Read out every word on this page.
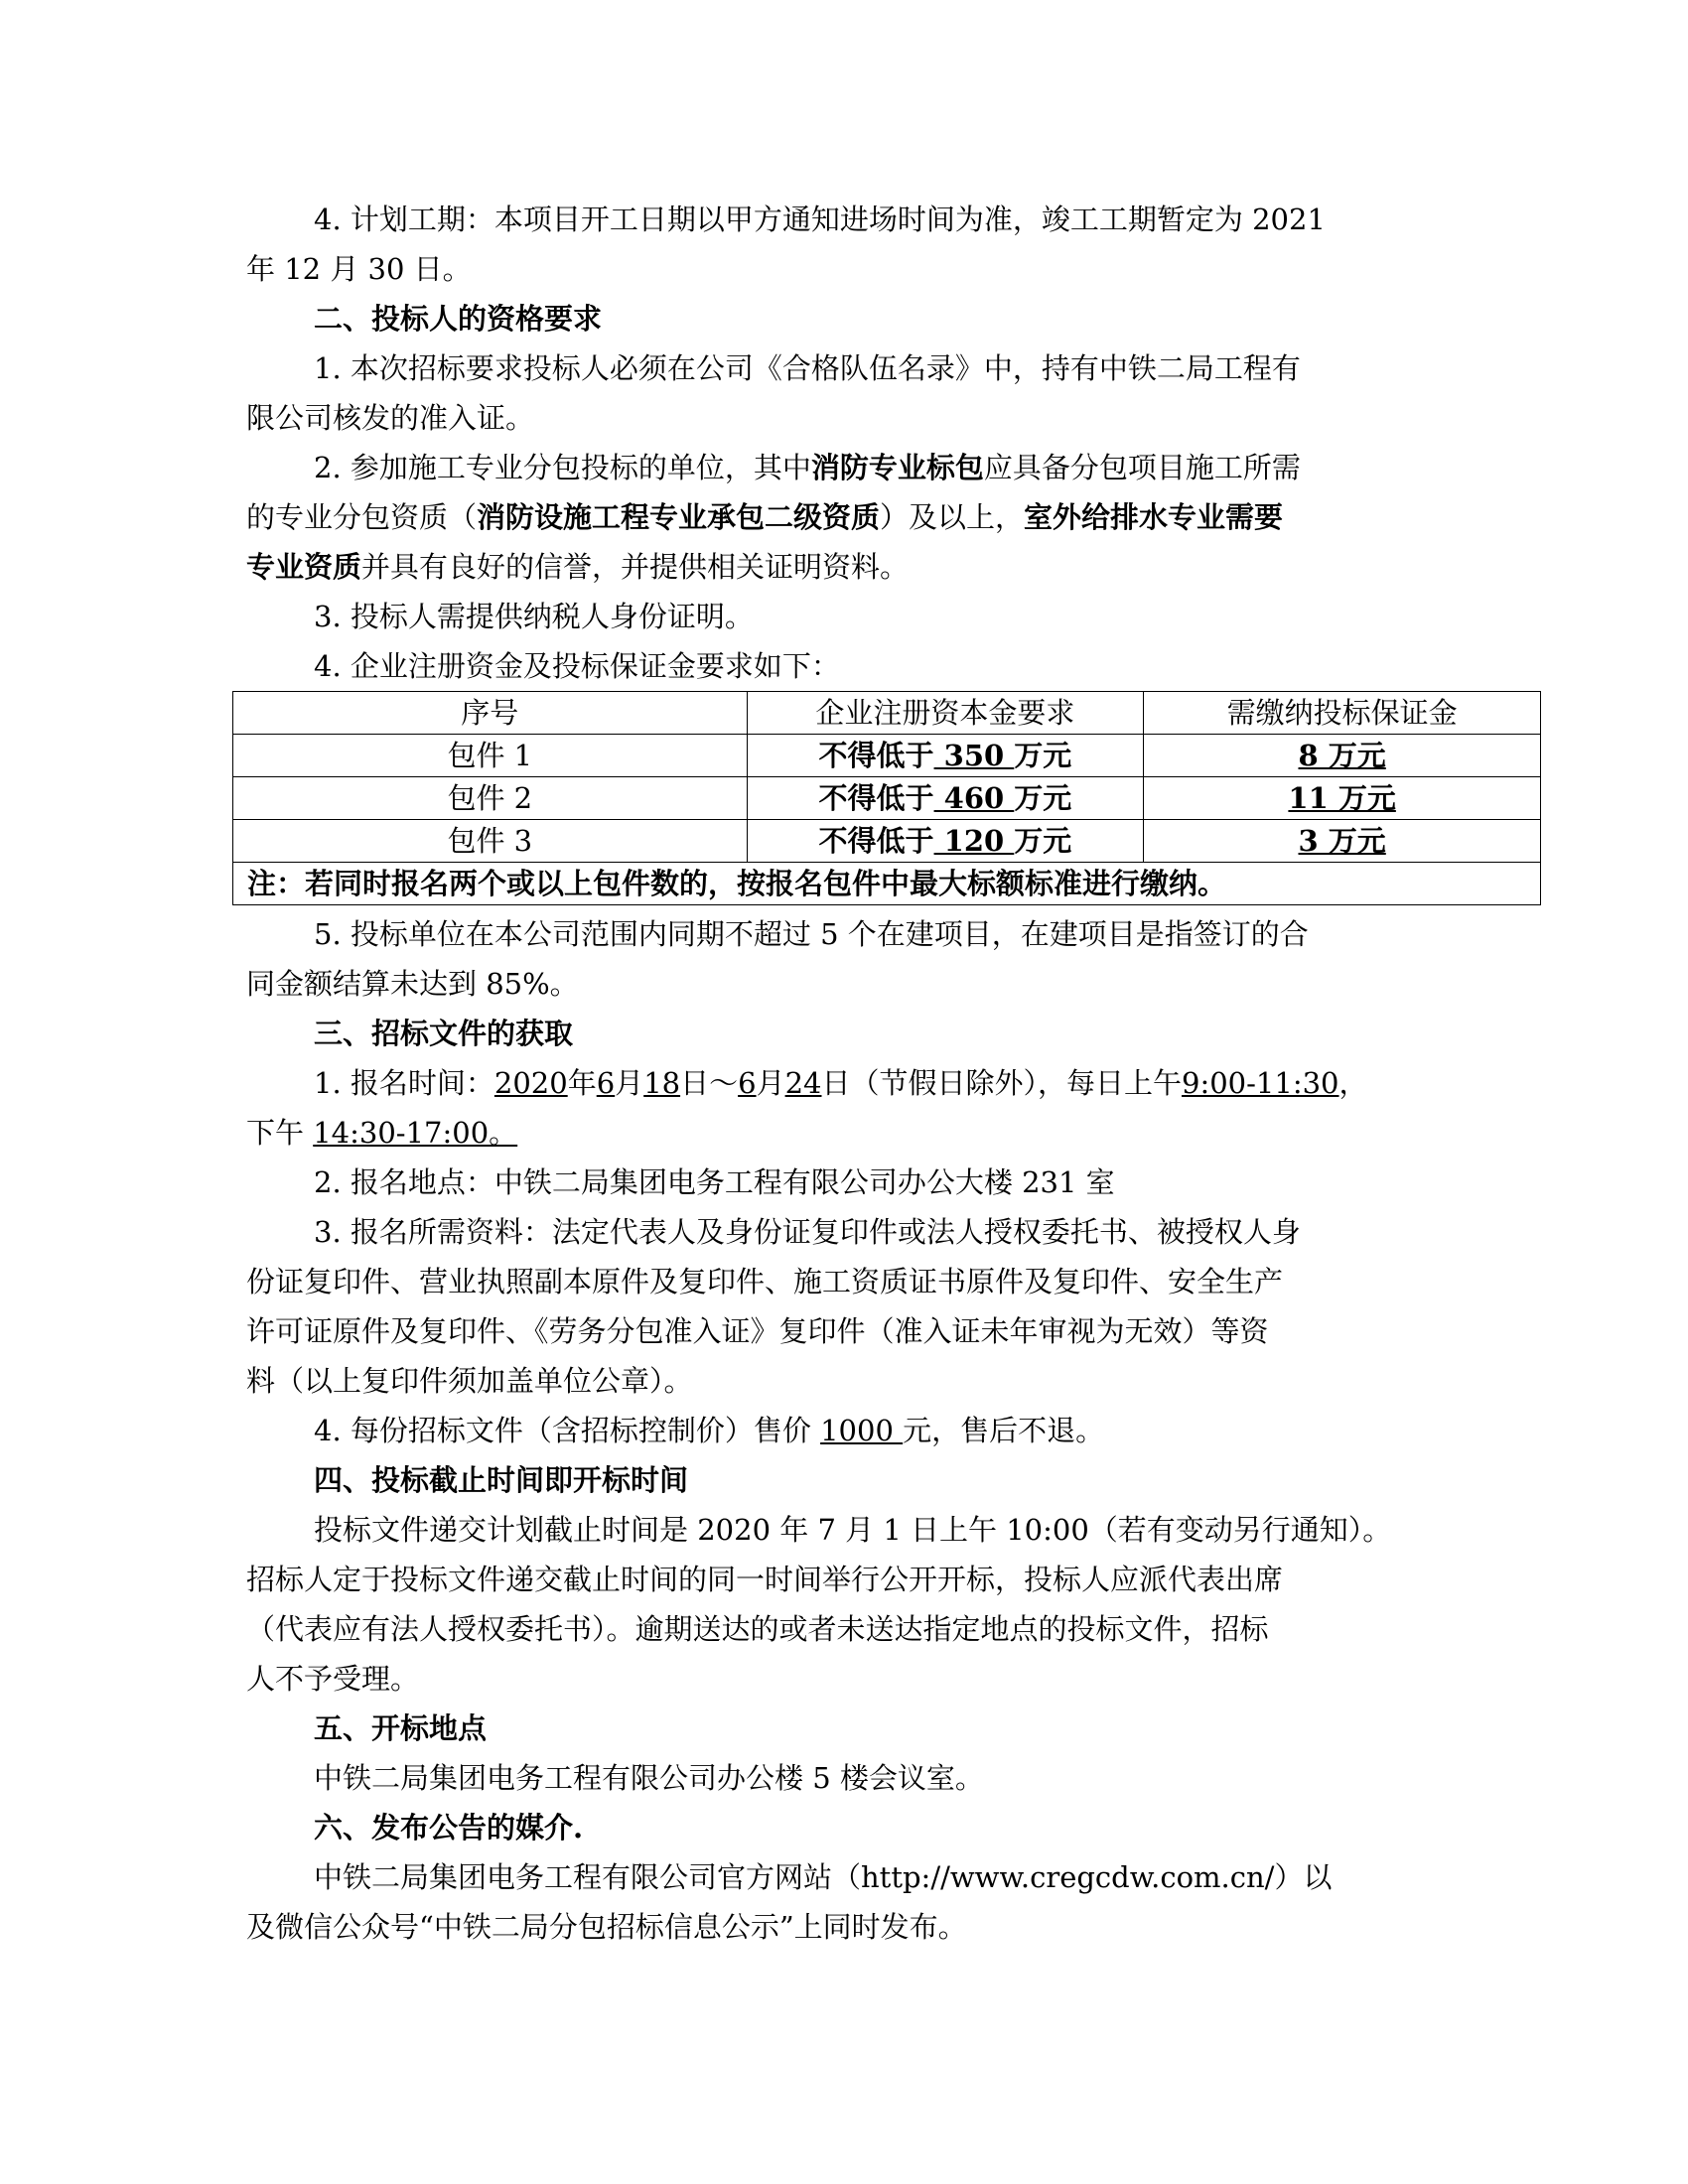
4. 计划工期：本项目开工日期以甲方通知进场时间为准，竣工工期暂定为 2021

年 12 月 30 日。

二、投标人的资格要求

1. 本次招标要求投标人必须在公司《合格队伍名录》中，持有中铁二局工程有

限公司核发的准入证。

2. 参加施工专业分包投标的单位，其中消防专业标包应具备分包项目施工所需

的专业分包资质（消防设施工程专业承包二级资质）及以上，室外给排水专业需要

专业资质并具有良好的信誉，并提供相关证明资料。

3. 投标人需提供纳税人身份证明。

4. 企业注册资金及投标保证金要求如下：

序号	企业注册资本金要求	需缴纳投标保证金
包件 1	不得低于 350 万元	8 万元
包件 2	不得低于 460 万元	11 万元
包件 3	不得低于 120 万元	3 万元
注：若同时报名两个或以上包件数的，按报名包件中最大标额标准进行缴纳。		

5. 投标单位在本公司范围内同期不超过 5 个在建项目，在建项目是指签订的合

同金额结算未达到 85%。

三、招标文件的获取

1. 报名时间：2020年6月18日～6月24日（节假日除外），每日上午9:00-11:30，

下午 14:30-17:00。

2. 报名地点：中铁二局集团电务工程有限公司办公大楼 231 室

3. 报名所需资料：法定代表人及身份证复印件或法人授权委托书、被授权人身

份证复印件、营业执照副本原件及复印件、施工资质证书原件及复印件、安全生产

许可证原件及复印件、《劳务分包准入证》复印件（准入证未年审视为无效）等资

料（以上复印件须加盖单位公章）。

4. 每份招标文件（含招标控制价）售价 1000 元，售后不退。

四、投标截止时间即开标时间

投标文件递交计划截止时间是 2020 年 7 月 1 日上午 10:00（若有变动另行通知）。

招标人定于投标文件递交截止时间的同一时间举行公开开标，投标人应派代表出席

（代表应有法人授权委托书）。逾期送达的或者未送达指定地点的投标文件，招标

人不予受理。

五、开标地点

中铁二局集团电务工程有限公司办公楼 5 楼会议室。

六、发布公告的媒介.

中铁二局集团电务工程有限公司官方网站（http://www.cregcdw.com.cn/）以

及微信公众号“中铁二局分包招标信息公示”上同时发布。
